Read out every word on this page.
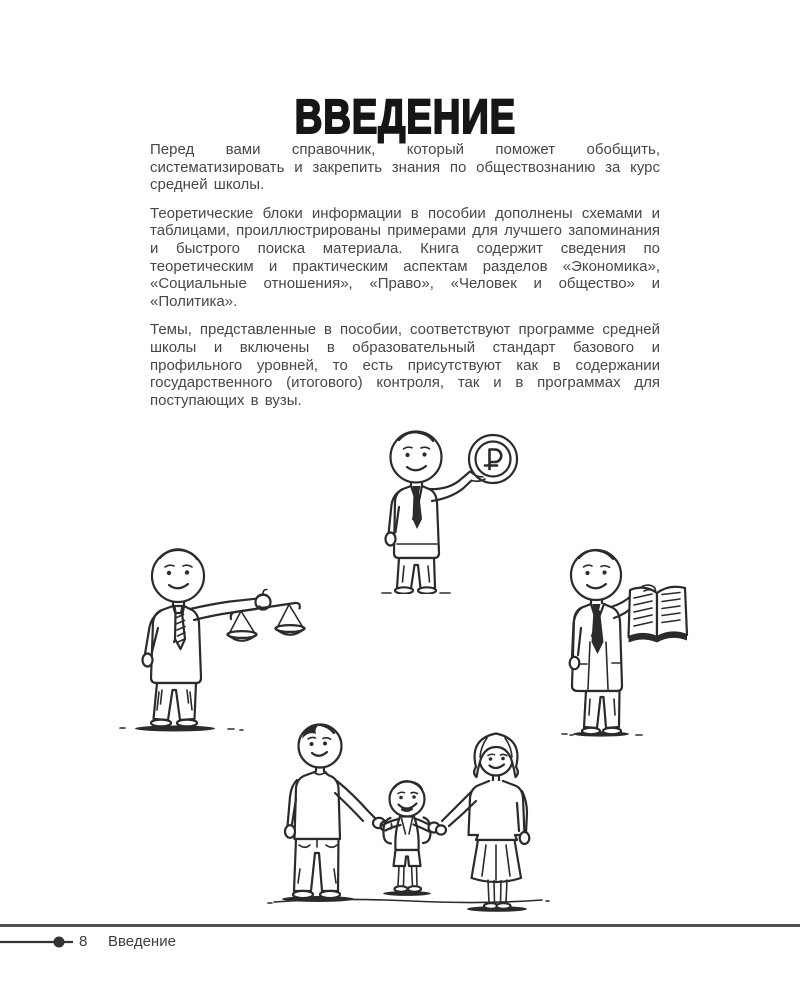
ВВЕДЕНИЕ

Перед вами справочник, который поможет обобщить, систематизировать и закрепить знания по обществознанию за курс средней школы.

Теоретические блоки информации в пособии дополнены схемами и таблицами, проиллюстрированы примерами для лучшего запоминания и быстрого поиска материала. Книга содержит сведения по теоретическим и практическим аспектам разделов «Экономика», «Социальные отношения», «Право», «Человек и общество» и «Политика».

Темы, представленные в пособии, соответствуют программе средней школы и включены в образовательный стандарт базового и профильного уровней, то есть присутствуют как в содержании государственного (итогового) контроля, так и в программах для поступающих в вузы.

8 Введение
